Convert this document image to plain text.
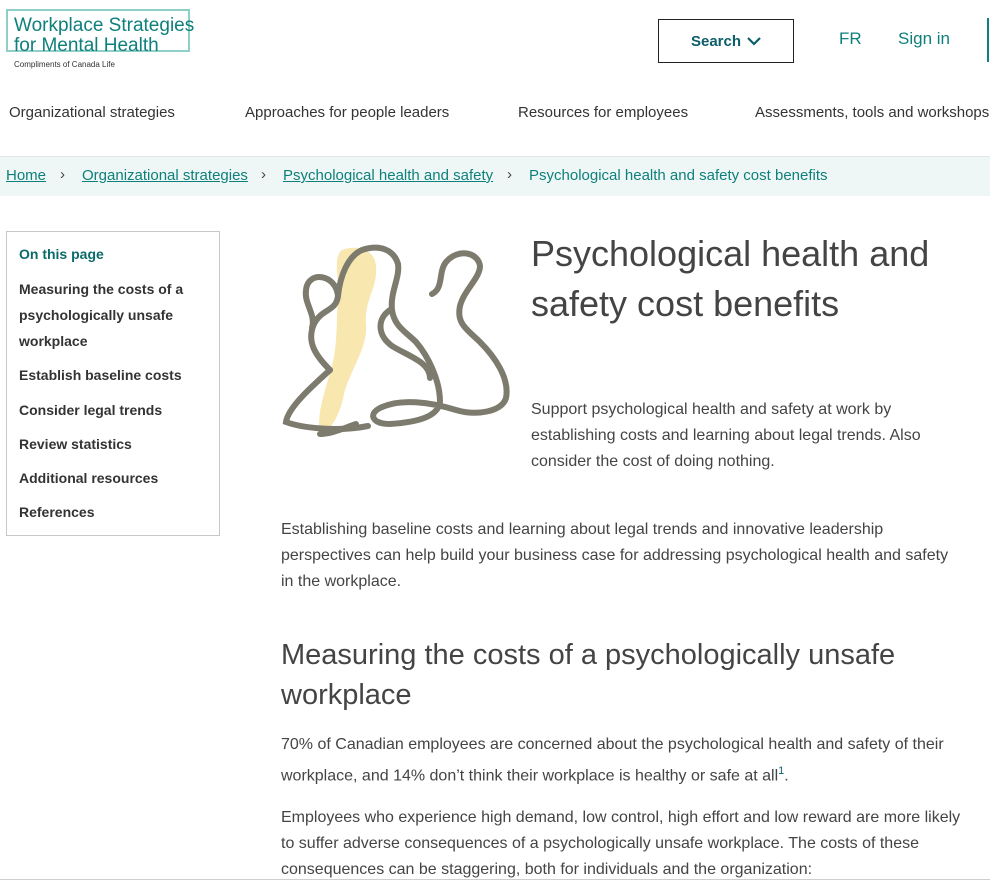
Workplace Strategies
for Mental Health
Compliments of Canada Life
Search	FR Sign in
Organizational strategies	Approaches for people leaders	Resources for employees	Assessments, tools and workshops
Home › Organizational strategies › Psychological health and safety › Psychological health and safety cost benefits
On this page
Measuring the costs of a psychologically unsafe workplace
Establish baseline costs
Consider legal trends
Review statistics
Additional resources
References
Psychological health and safety cost benefits
Support psychological health and safety at work by establishing costs and learning about legal trends. Also consider the cost of doing nothing.
Establishing baseline costs and learning about legal trends and innovative leadership perspectives can help build your business case for addressing psychological health and safety in the workplace.
Measuring the costs of a psychologically unsafe workplace
70% of Canadian employees are concerned about the psychological health and safety of their workplace, and 14% don’t think their workplace is healthy or safe at all$^1$.
Employees who experience high demand, low control, high effort and low reward are more likely to suffer adverse consequences of a psychologically unsafe workplace. The costs of these consequences can be staggering, both for individuals and the organization:
